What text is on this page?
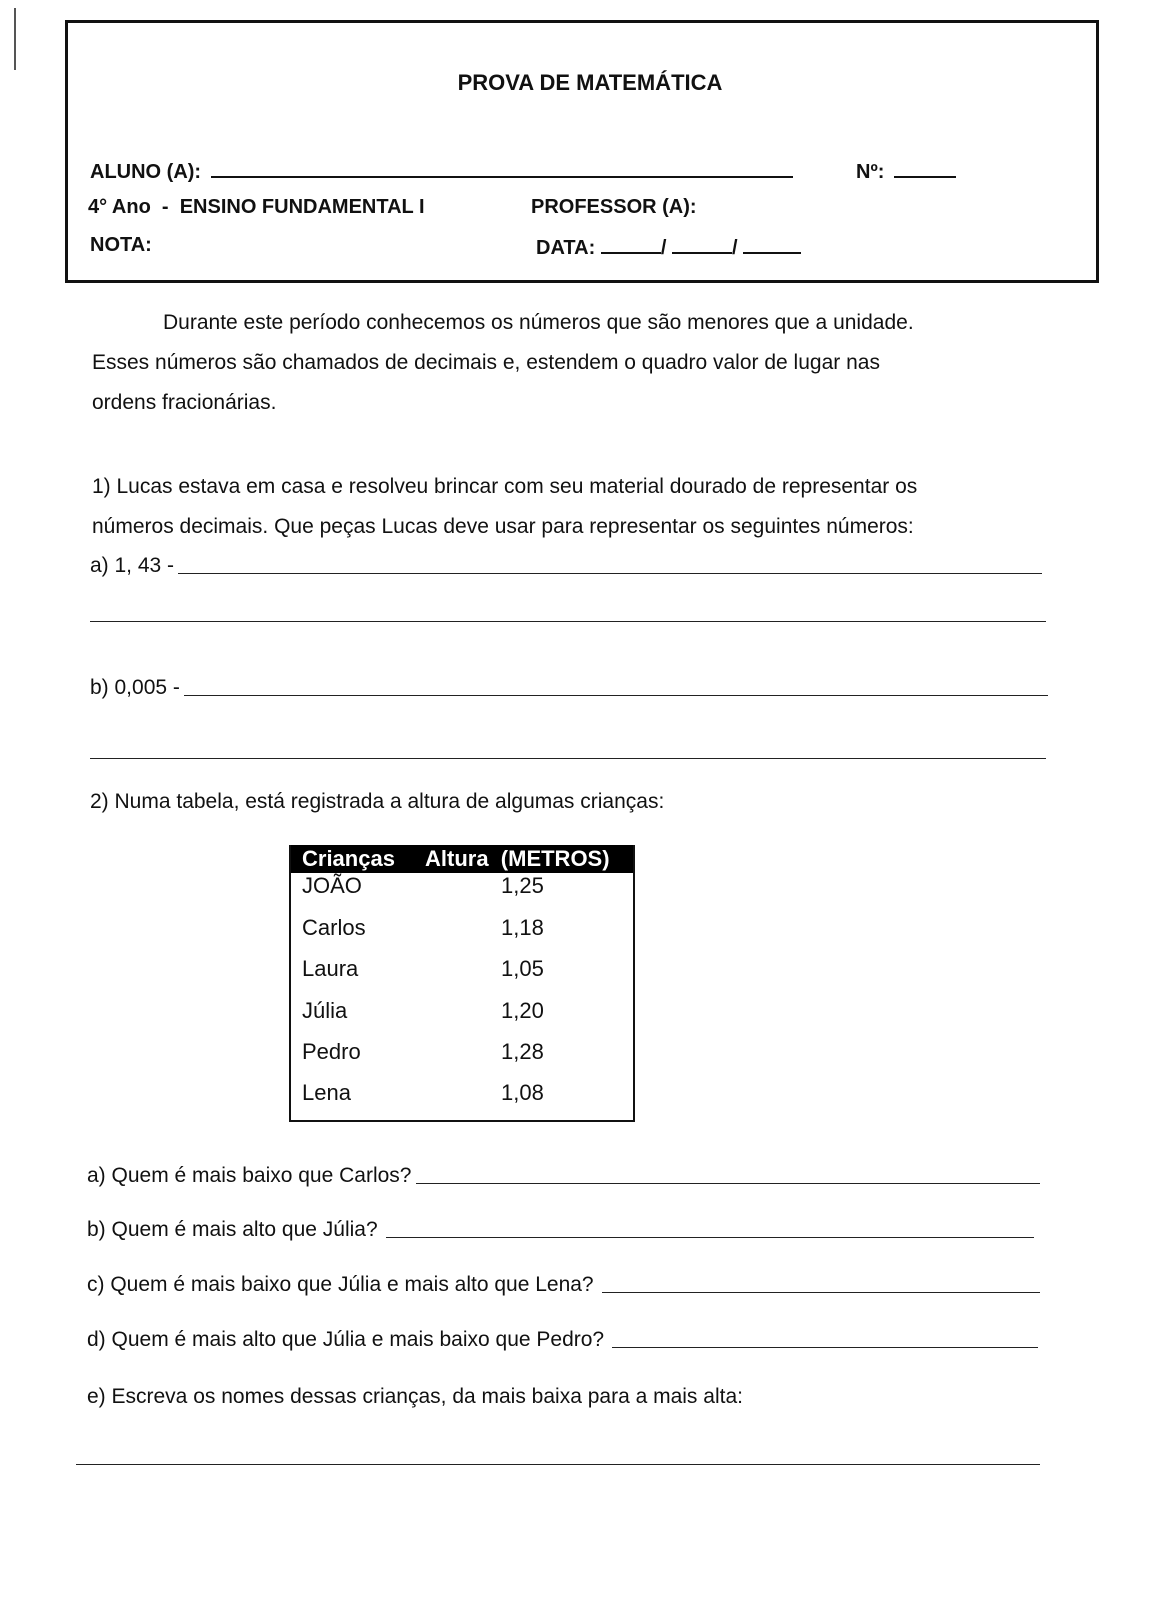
PROVA DE MATEMÁTICA
ALUNO (A):	Nº:
4° Ano  -  ENSINO FUNDAMENTAL I	PROFESSOR (A):
NOTA:	DATA:	/	/
Durante este período conhecemos os números que são menores que a unidade.
Esses números são chamados de decimais e, estendem o quadro valor de lugar nas
ordens fracionárias.
1) Lucas estava em casa e resolveu brincar com seu material dourado de representar os
números decimais. Que peças Lucas deve usar para representar os seguintes números:
a) 1, 43 -
b) 0,005 -
2) Numa tabela, está registrada a altura de algumas crianças:
Crianças Altura  (METROS)
JOÃO	1,25
Carlos	1,18
Laura	1,05
Júlia	1,20
Pedro	1,28
Lena	1,08
a) Quem é mais baixo que Carlos?
b) Quem é mais alto que Júlia?
c) Quem é mais baixo que Júlia e mais alto que Lena?
d) Quem é mais alto que Júlia e mais baixo que Pedro?
e) Escreva os nomes dessas crianças, da mais baixa para a mais alta:
